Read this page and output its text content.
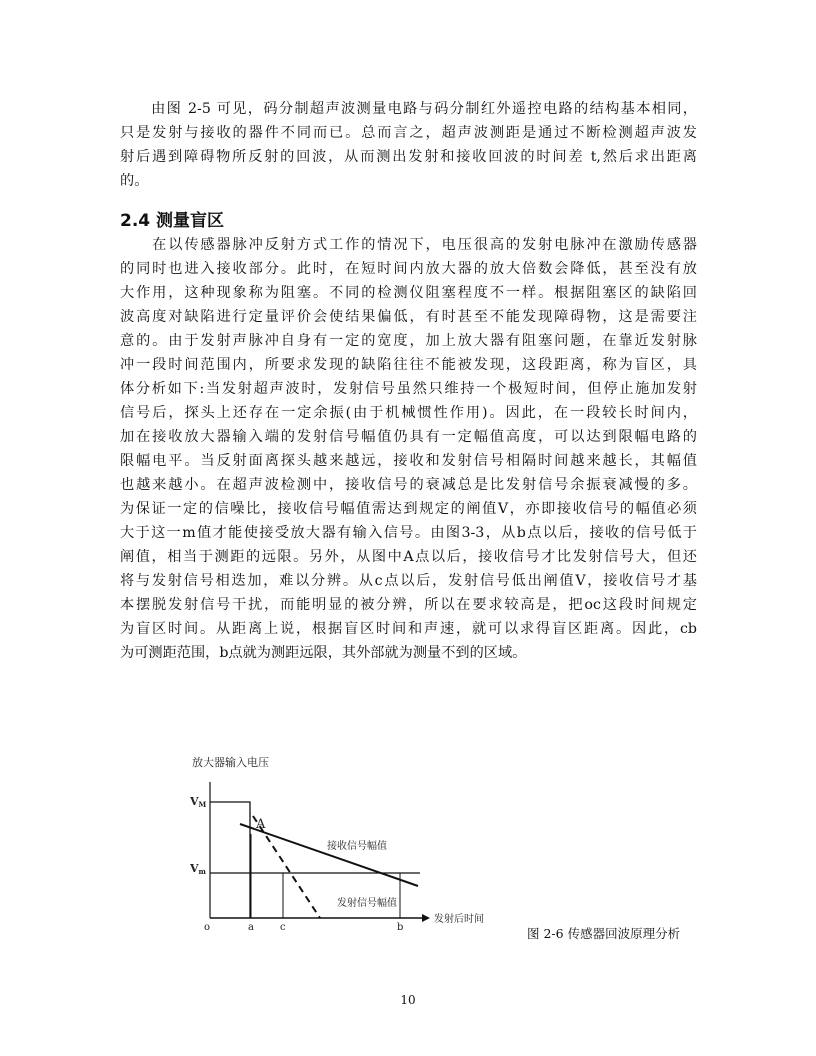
　　由图 2-5 可见，码分制超声波测量电路与码分制红外遥控电路的结构基本相同，
只是发射与接收的器件不同而已。总而言之，超声波测距是通过不断检测超声波发
射后遇到障碍物所反射的回波，从而测出发射和接收回波的时间差 t,然后求出距离
的。
2.4 测量盲区
　　在以传感器脉冲反射方式工作的情况下，电压很高的发射电脉冲在激励传感器
的同时也进入接收部分。此时，在短时间内放大器的放大倍数会降低，甚至没有放
大作用，这种现象称为阻塞。不同的检测仪阻塞程度不一样。根据阻塞区的缺陷回
波高度对缺陷进行定量评价会使结果偏低，有时甚至不能发现障碍物，这是需要注
意的。由于发射声脉冲自身有一定的宽度，加上放大器有阻塞问题，在靠近发射脉
冲一段时间范围内，所要求发现的缺陷往往不能被发现，这段距离，称为盲区，具
体分析如下:当发射超声波时，发射信号虽然只维持一个极短时间，但停止施加发射
信号后，探头上还存在一定余振(由于机械惯性作用)。因此，在一段较长时间内，
加在接收放大器输入端的发射信号幅值仍具有一定幅值高度，可以达到限幅电路的
限幅电平。当反射面离探头越来越远，接收和发射信号相隔时间越来越长，其幅值
也越来越小。在超声波检测中，接收信号的衰减总是比发射信号余振衰减慢的多。
为保证一定的信噪比，接收信号幅值需达到规定的阐值V，亦即接收信号的幅值必须
大于这一m值才能使接受放大器有输入信号。由图3-3，从b点以后，接收的信号低于
阐值，相当于测距的远限。另外，从图中A点以后，接收信号才比发射信号大，但还
将与发射信号相迭加，难以分辨。从c点以后，发射信号低出阐值V，接收信号才基
本摆脱发射信号干扰，而能明显的被分辨，所以在要求较高是，把oc这段时间规定
为盲区时间。从距离上说，根据盲区时间和声速，就可以求得盲区距离。因此，cb
为可测距范围，b点就为测距远限，其外部就为测量不到的区域。
放大器输入电压
VM
Vm
A
接收信号幅值
发射信号幅值
发射后时间
o	a	c	b	图 2-6 传感器回波原理分析
10
